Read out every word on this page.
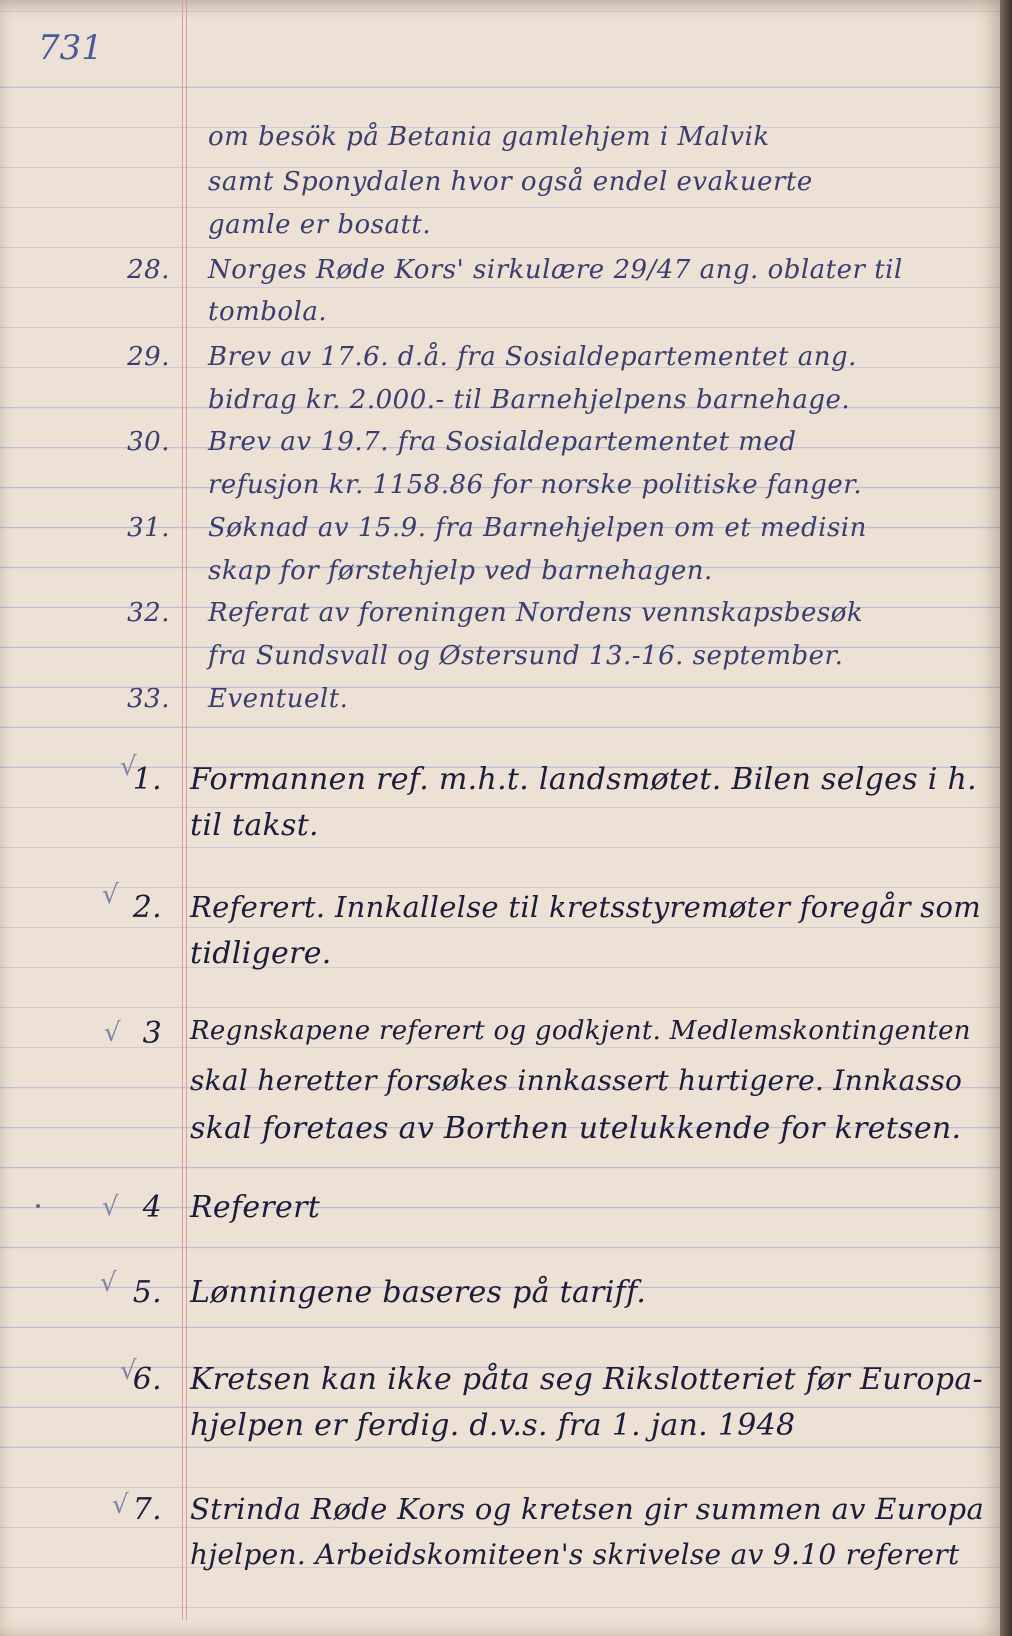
731
om besök på Betania gamlehjem i Malvik
samt Sponydalen hvor også endel evakuerte
gamle er bosatt.
28. Norges Røde Kors' sirkulære 29/47 ang. oblater til
tombola.
29. Brev av 17.6. d.å. fra Sosialdepartementet ang.
bidrag kr. 2.000.- til Barnehjelpens barnehage.
30. Brev av 19.7. fra Sosialdepartementet med
refusjon kr. 1158.86 for norske politiske fanger.
31. Søknad av 15.9. fra Barnehjelpen om et medisin
skap for førstehjelp ved barnehagen.
32. Referat av foreningen Nordens vennskapsbesøk
fra Sundsvall og Østersund 13.-16. september.
33. Eventuelt.
√
1. Formannen ref. m.h.t. landsmøtet. Bilen selges i h.
til takst.
√ 2. Referert. Innkallelse til kretsstyremøter foregår som
tidligere.
√ 3 Regnskapene referert og godkjent. Medlemskontingenten
skal heretter forsøkes innkassert hurtigere. Innkasso
skal foretaes av Borthen utelukkende for kretsen.
√ 4 Referert
√ 5. Lønningene baseres på tariff.
√
6. Kretsen kan ikke påta seg Rikslotteriet før Europa-
hjelpen er ferdig. d.v.s. fra 1. jan. 1948
√ 7. Strinda Røde Kors og kretsen gir summen av Europa
hjelpen. Arbeidskomiteen's skrivelse av 9.10 referert
